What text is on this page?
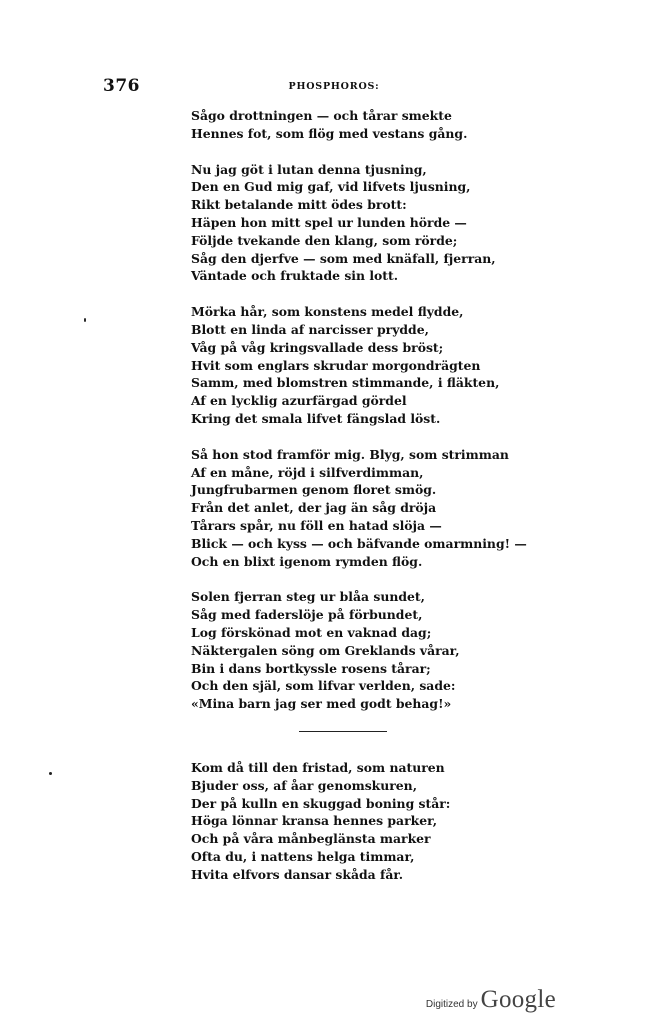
376	PHOSPHOROS:
Sågo drottningen — och tårar smekte
Hennes fot, som flög med vestans gång.
Nu jag göt i lutan denna tjusning,
Den en Gud mig gaf, vid lifvets ljusning,
Rikt betalande mitt ödes brott:
Häpen hon mitt spel ur lunden hörde —
Följde tvekande den klang, som rörde;
Såg den djerfve — som med knäfall, fjerran,
Väntade och fruktade sin lott.
Mörka hår, som konstens medel flydde,
Blott en linda af narcisser prydde,
Våg på våg kringsvallade dess bröst;
Hvit som englars skrudar morgondrägten
Samm, med blomstren stimmande, i fläkten,
Af en lycklig azurfärgad gördel
Kring det smala lifvet fängslad löst.
Så hon stod framför mig. Blyg, som strimman
Af en måne, röjd i silfverdimman,
Jungfrubarmen genom floret smög.
Från det anlet, der jag än såg dröja
Tårars spår, nu föll en hatad slöja —
Blick — och kyss — och bäfvande omarmning! —
Och en blixt igenom rymden flög.
Solen fjerran steg ur blåa sundet,
Såg med faderslöje på förbundet,
Log förskönad mot en vaknad dag;
Näktergalen söng om Greklands vårar,
Bin i dans bortkyssle rosens tårar;
Och den själ, som lifvar verlden, sade:
«Mina barn jag ser med godt behag!»
Kom då till den fristad, som naturen
Bjuder oss, af åar genomskuren,
Der på kulln en skuggad boning står:
Höga lönnar kransa hennes parker,
Och på våra månbeglänsta marker
Ofta du, i nattens helga timmar,
Hvita elfvors dansar skåda får.
Digitized by Google
